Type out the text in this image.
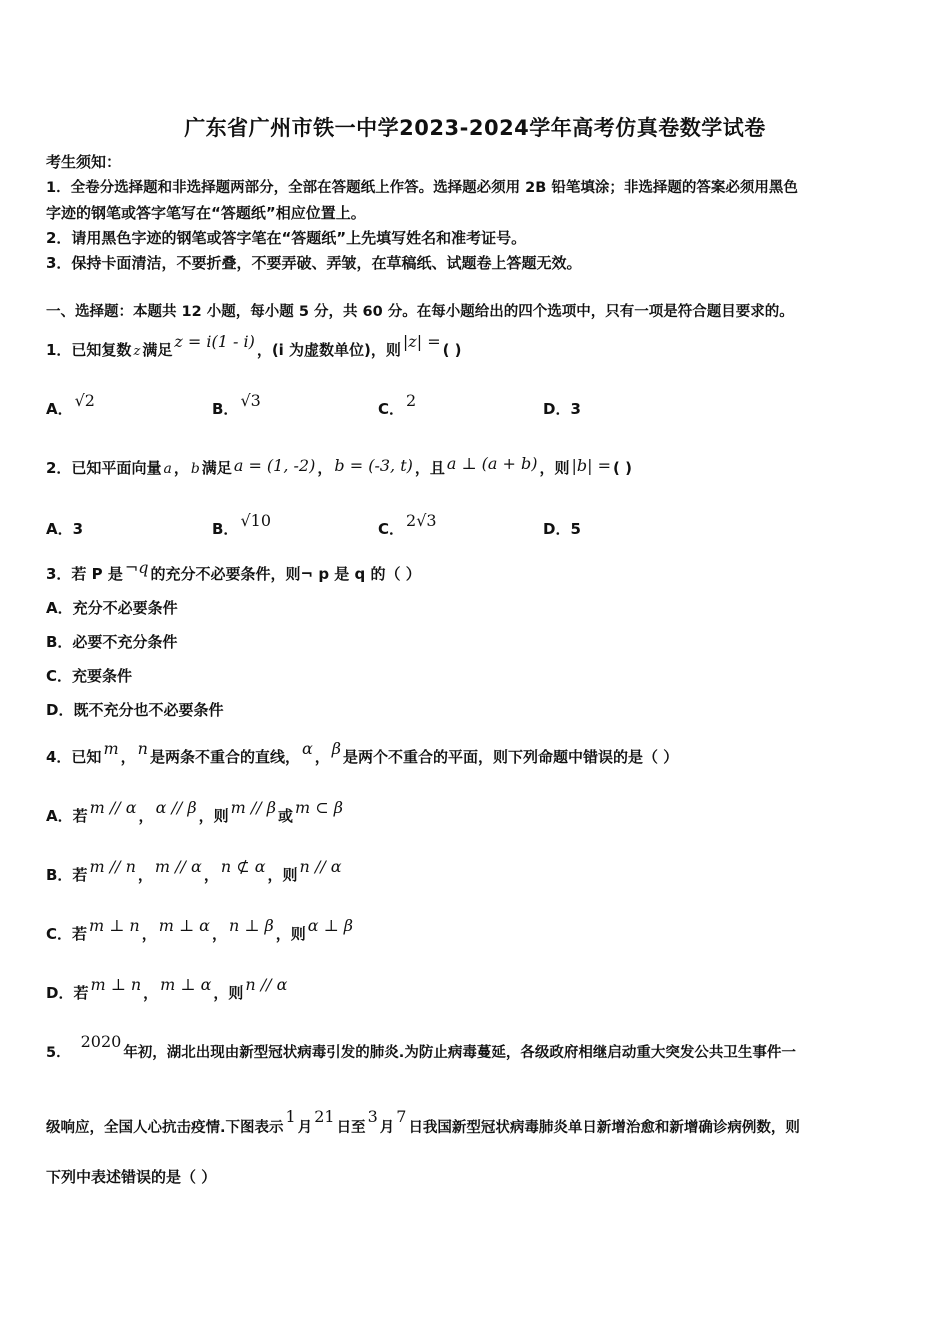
广东省广州市铁一中学2023-2024学年高考仿真卷数学试卷
考生须知：
1．全卷分选择题和非选择题两部分，全部在答题纸上作答。选择题必须用 2B 铅笔填涂；非选择题的答案必须用黑色
字迹的钢笔或答字笔写在“答题纸”相应位置上。
2．请用黑色字迹的钢笔或答字笔在“答题纸”上先填写姓名和准考证号。
3．保持卡面清洁，不要折叠，不要弄破、弄皱，在草稿纸、试题卷上答题无效。
一、选择题：本题共 12 小题，每小题 5 分，共 60 分。在每小题给出的四个选项中，只有一项是符合题目要求的。
1．已知复数 z 满足 z = i(1 - i) ，(i 为虚数单位)，则 |z| = ( )
A． √2	B． √3	C． 2	D．3
2．已知平面向量 a ， b 满足 a = (1, -2) ， b = (-3, t) ，且 a ⊥ (a + b) ，则 |b| = ( )
A．3	B． √10	C． 2√3	D．5
3．若 P 是 ¬q 的充分不必要条件，则¬ p 是 q 的（ ）
A．充分不必要条件
B．必要不充分条件
C．充要条件
D．既不充分也不必要条件
4．已知 m ， n 是两条不重合的直线， α ， β 是两个不重合的平面，则下列命题中错误的是（ ）
A．若 m // α ， α // β ，则 m // β 或 m ⊂ β
B．若 m // n ， m // α ， n ⊄ α ，则 n // α
C．若 m ⊥ n ， m ⊥ α ， n ⊥ β ，则 α ⊥ β
D．若 m ⊥ n ， m ⊥ α ，则 n // α
5．2020年初，湖北出现由新型冠状病毒引发的肺炎.为防止病毒蔓延，各级政府相继启动重大突发公共卫生事件一
级响应，全国人心抗击疫情.下图表示1月21日至3月7日我国新型冠状病毒肺炎单日新增治愈和新增确诊病例数，则
下列中表述错误的是（ ）
